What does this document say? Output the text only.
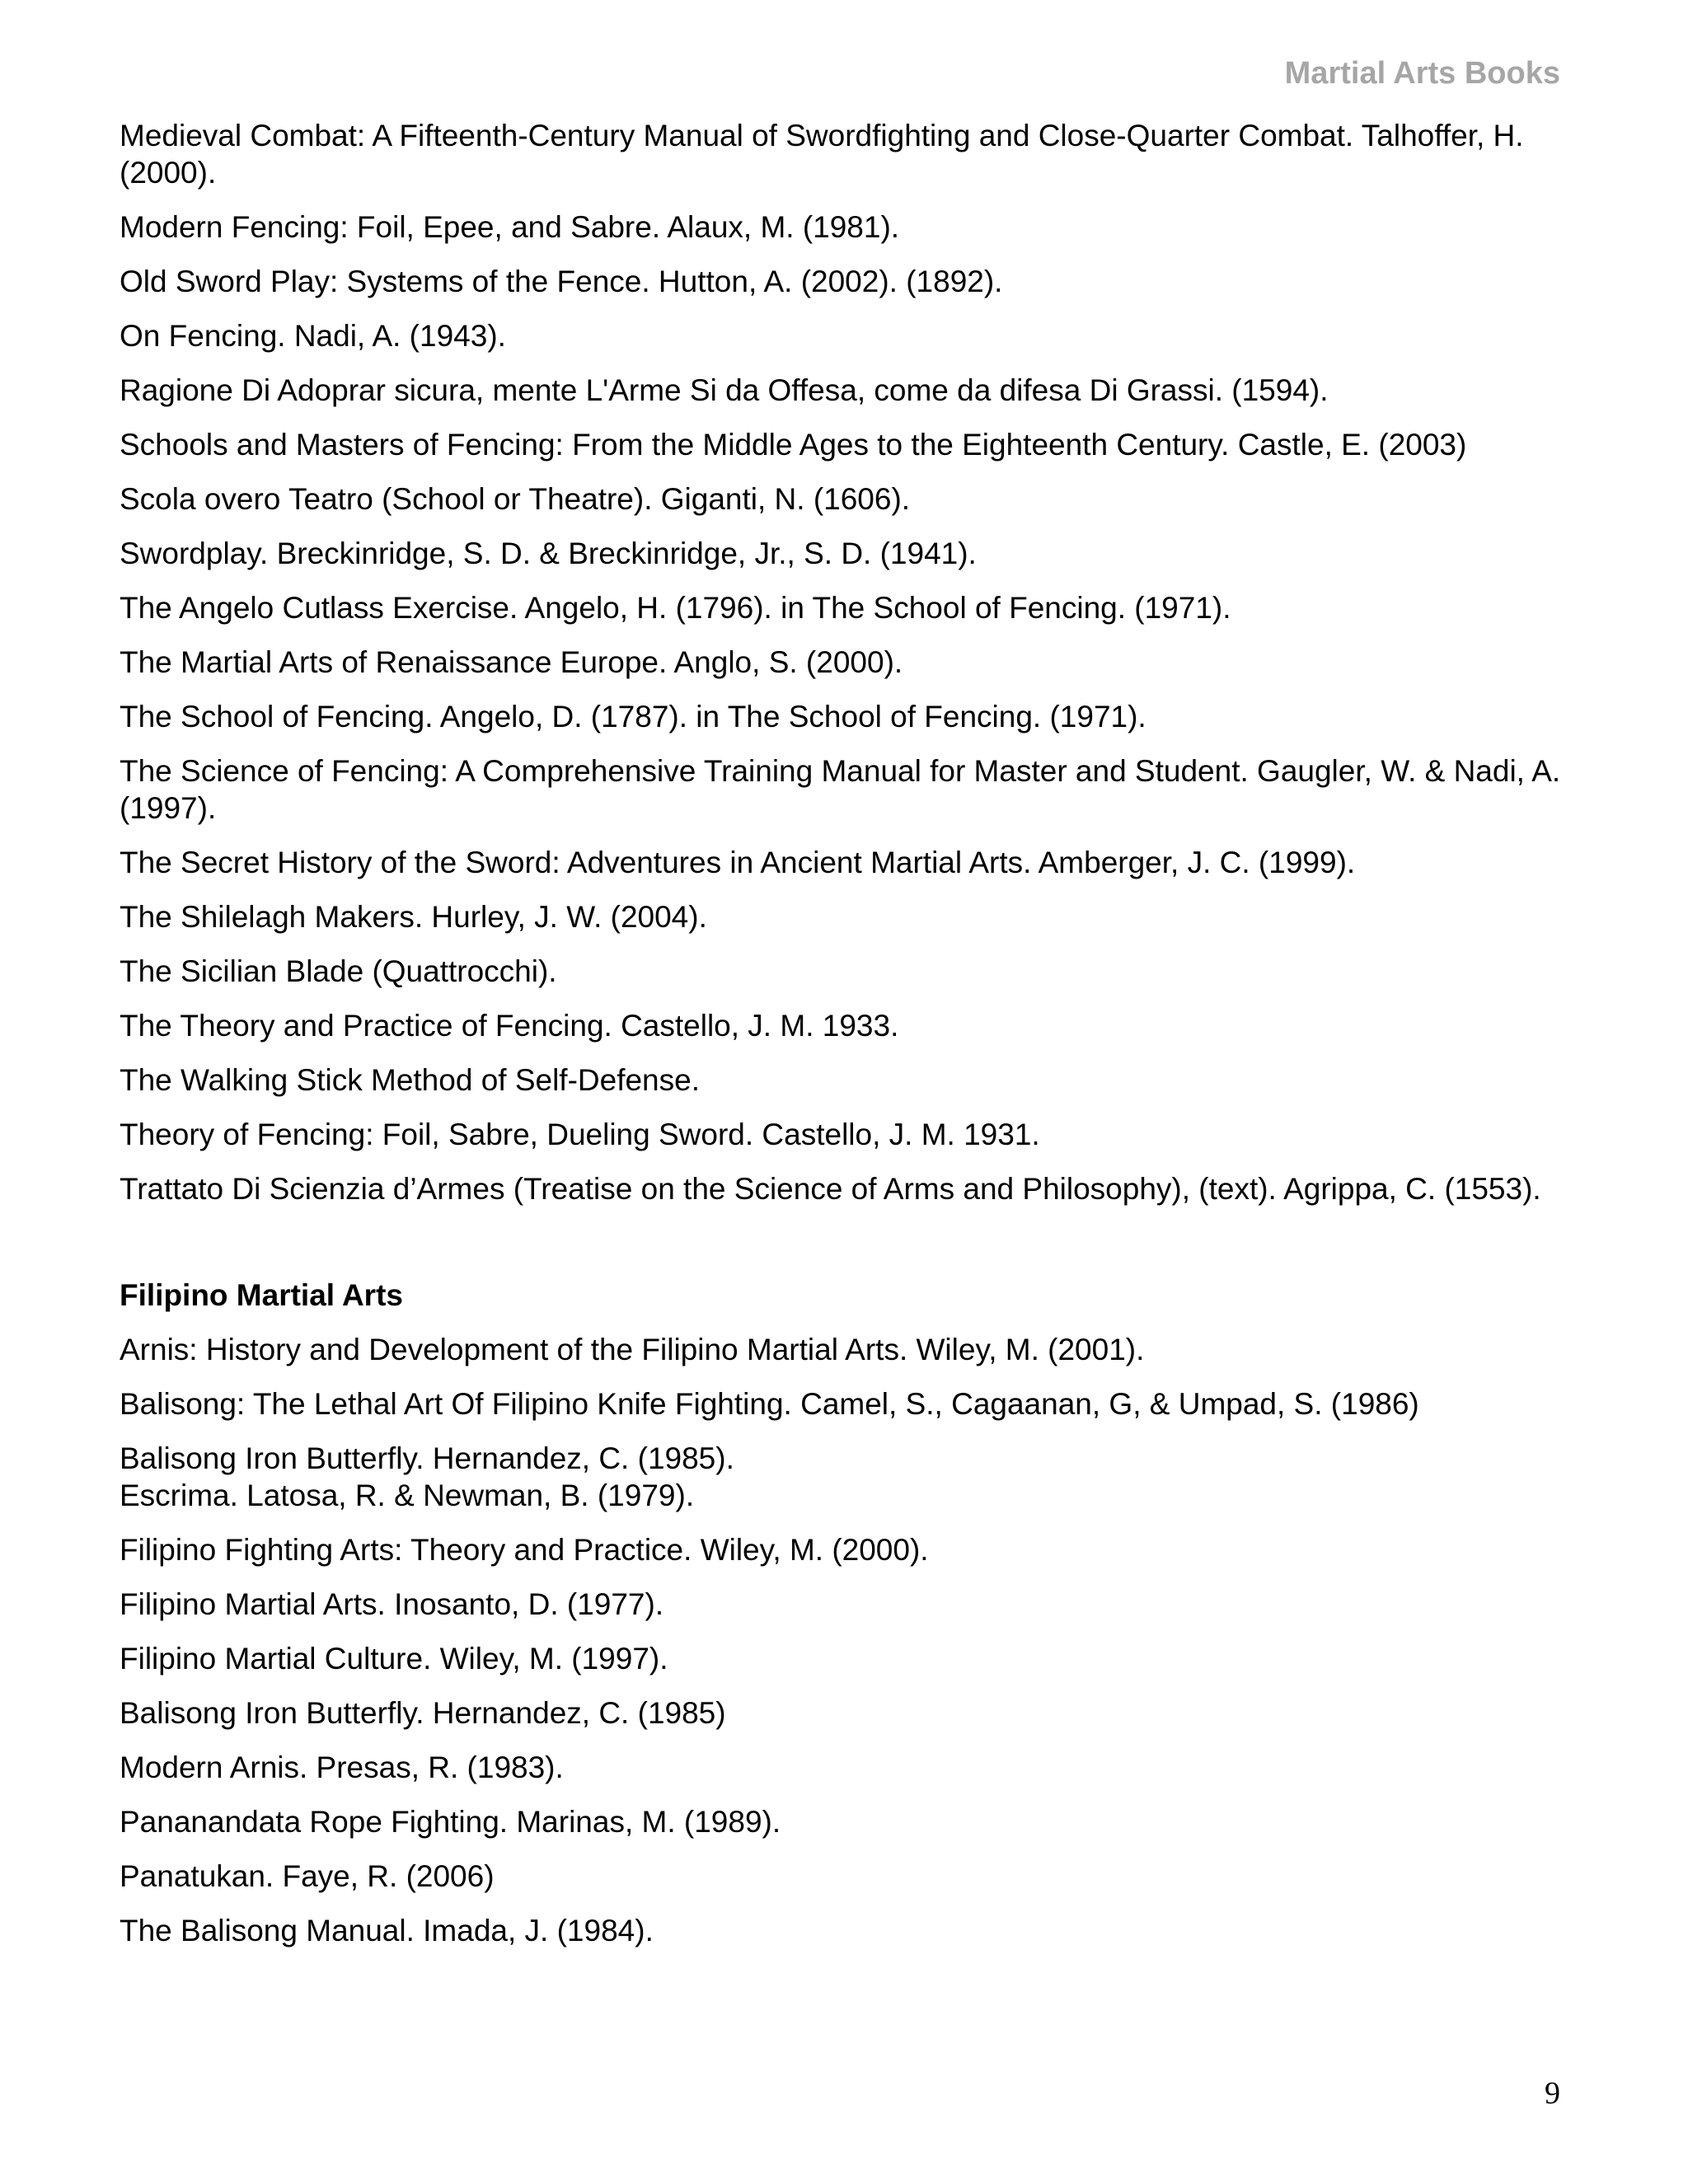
Martial Arts Books

Medieval Combat: A Fifteenth-Century Manual of Swordfighting and Close-Quarter Combat. Talhoffer, H. (2000).

Modern Fencing: Foil, Epee, and Sabre. Alaux, M. (1981).

Old Sword Play: Systems of the Fence. Hutton, A. (2002). (1892).

On Fencing. Nadi, A. (1943).

Ragione Di Adoprar sicura, mente L'Arme Si da Offesa, come da difesa Di Grassi. (1594).

Schools and Masters of Fencing: From the Middle Ages to the Eighteenth Century. Castle, E. (2003)

Scola overo Teatro (School or Theatre). Giganti, N. (1606).

Swordplay. Breckinridge, S. D. & Breckinridge, Jr., S. D. (1941).

The Angelo Cutlass Exercise. Angelo, H. (1796). in The School of Fencing. (1971).

The Martial Arts of Renaissance Europe. Anglo, S. (2000).

The School of Fencing. Angelo, D. (1787). in The School of Fencing. (1971).

The Science of Fencing: A Comprehensive Training Manual for Master and Student. Gaugler, W. & Nadi, A. (1997).

The Secret History of the Sword: Adventures in Ancient Martial Arts. Amberger, J. C. (1999).

The Shilelagh Makers. Hurley, J. W. (2004).

The Sicilian Blade (Quattrocchi).

The Theory and Practice of Fencing. Castello, J. M. 1933.

The Walking Stick Method of Self-Defense.

Theory of Fencing: Foil, Sabre, Dueling Sword. Castello, J. M. 1931.

Trattato Di Scienzia d’Armes (Treatise on the Science of Arms and Philosophy), (text). Agrippa, C. (1553).

Filipino Martial Arts

Arnis: History and Development of the Filipino Martial Arts. Wiley, M. (2001).

Balisong: The Lethal Art Of Filipino Knife Fighting. Camel, S., Cagaanan, G, & Umpad, S. (1986)

Balisong Iron Butterfly. Hernandez, C. (1985).

Escrima. Latosa, R. & Newman, B. (1979).

Filipino Fighting Arts: Theory and Practice. Wiley, M. (2000).

Filipino Martial Arts. Inosanto, D. (1977).

Filipino Martial Culture. Wiley, M. (1997).

Balisong Iron Butterfly. Hernandez, C. (1985)

Modern Arnis. Presas, R. (1983).

Pananandata Rope Fighting. Marinas, M. (1989).

Panatukan. Faye, R. (2006)

The Balisong Manual. Imada, J. (1984).

9
